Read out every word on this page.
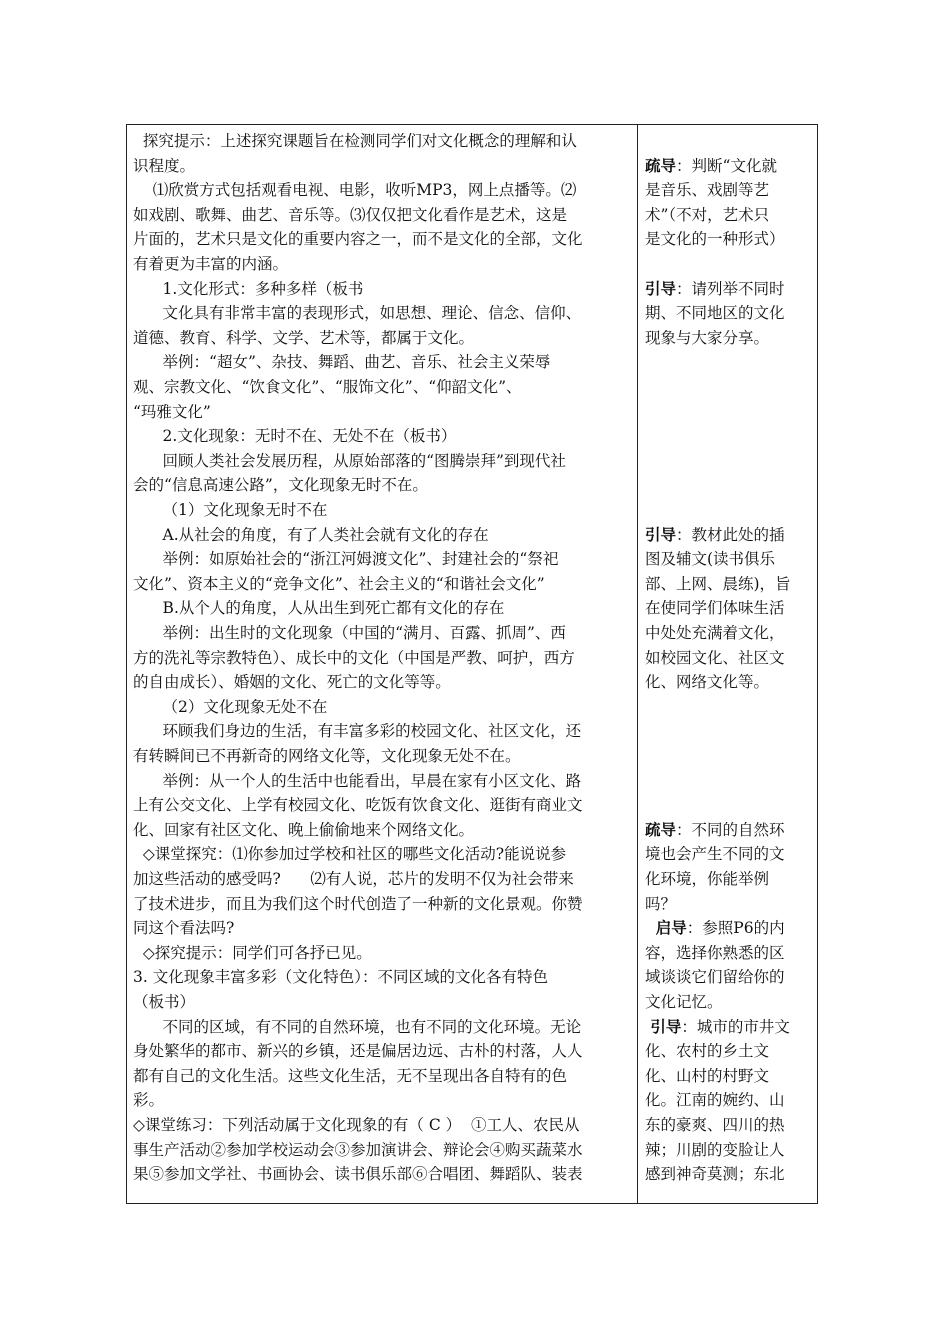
探究提示：上述探究课题旨在检测同学们对文化概念的理解和认
识程度。
⑴欣赏方式包括观看电视、电影，收听MP3，网上点播等。⑵
如戏剧、歌舞、曲艺、音乐等。⑶仅仅把文化看作是艺术，这是
片面的，艺术只是文化的重要内容之一，而不是文化的全部，文化
有着更为丰富的内涵。
1.文化形式：多种多样（板书
文化具有非常丰富的表现形式，如思想、理论、信念、信仰、
道德、教育、科学、文学、艺术等，都属于文化。
举例：“超女”、杂技、舞蹈、曲艺、音乐、社会主义荣辱
观、宗教文化、“饮食文化”、“服饰文化”、“仰韶文化”、
“玛雅文化”
2.文化现象：无时不在、无处不在（板书）
回顾人类社会发展历程，从原始部落的“图腾崇拜”到现代社
会的“信息高速公路”，文化现象无时不在。
（1）文化现象无时不在
A.从社会的角度，有了人类社会就有文化的存在
举例：如原始社会的“浙江河姆渡文化”、封建社会的“祭祀
文化”、资本主义的“竞争文化”、社会主义的“和谐社会文化”
B.从个人的角度，人从出生到死亡都有文化的存在
举例：出生时的文化现象（中国的“满月、百露、抓周”、西
方的洗礼等宗教特色）、成长中的文化（中国是严教、呵护，西方
的自由成长）、婚姻的文化、死亡的文化等等。
（2）文化现象无处不在
环顾我们身边的生活，有丰富多彩的校园文化、社区文化，还
有转瞬间已不再新奇的网络文化等，文化现象无处不在。
举例：从一个人的生活中也能看出，早晨在家有小区文化、路
上有公交文化、上学有校园文化、吃饭有饮食文化、逛街有商业文
化、回家有社区文化、晚上偷偷地来个网络文化。
◇课堂探究：⑴你参加过学校和社区的哪些文化活动?能说说参
加这些活动的感受吗?      ⑵有人说，芯片的发明不仅为社会带来
了技术进步，而且为我们这个时代创造了一种新的文化景观。你赞
同这个看法吗?
◇探究提示：同学们可各抒已见。
3. 文化现象丰富多彩（文化特色）：不同区域的文化各有特色
（板书）
不同的区域，有不同的自然环境，也有不同的文化环境。无论
身处繁华的都市、新兴的乡镇，还是偏居边远、古朴的村落，人人
都有自己的文化生活。这些文化生活，无不呈现出各自特有的色
彩。
◇课堂练习：下列活动属于文化现象的有（ C ）  ①工人、农民从
事生产活动②参加学校运动会③参加演讲会、辩论会④购买蔬菜水
果⑤参加文学社、书画协会、读书俱乐部⑥合唱团、舞蹈队、装表
疏导：判断“文化就
是音乐、戏剧等艺
术”（不对，艺术只
是文化的一种形式）
引导：请列举不同时
期、不同地区的文化
现象与大家分享。
引导：教材此处的插
图及辅文(读书俱乐
部、上网、晨练)，旨
在使同学们体味生活
中处处充满着文化，
如校园文化、社区文
化、网络文化等。
疏导：不同的自然环
境也会产生不同的文
化环境，你能举例
吗？
启导：参照P6的内
容，选择你熟悉的区
域谈谈它们留给你的
文化记忆。
引导：城市的市井文
化、农村的乡土文
化、山村的村野文
化。江南的婉约、山
东的豪爽、四川的热
辣；川剧的变脸让人
感到神奇莫测；东北
